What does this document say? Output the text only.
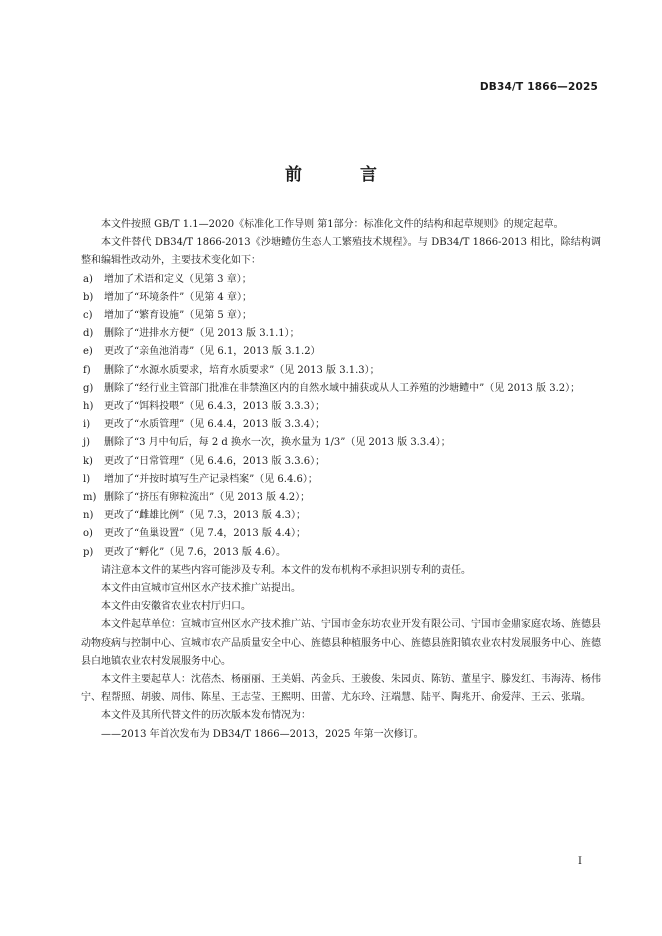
DB34/T 1866—2025
前 言

本文件按照 GB/T 1.1—2020《标准化工作导则 第1部分：标准化文件的结构和起草规则》的规定起草。

本文件替代 DB34/T 1866-2013《沙塘鳢仿生态人工繁殖技术规程》。与 DB34/T 1866-2013 相比，除结构调整和编辑性改动外，主要技术变化如下：

a)	增加了术语和定义（见第 3 章）；
b)	增加了“环境条件”（见第 4 章）；
c)	增加了“繁育设施”（见第 5 章）；
d)	删除了“进排水方便”（见 2013 版 3.1.1）；
e)	更改了“亲鱼池消毒”（见 6.1，2013 版 3.1.2）
f)	删除了“水源水质要求，培育水质要求”（见 2013 版 3.1.3）；
g)	删除了“经行业主管部门批准在非禁渔区内的自然水域中捕获或从人工养殖的沙塘鳢中”（见 2013 版 3.2）；
h)	更改了“饵料投喂”（见 6.4.3，2013 版 3.3.3）；
i)	更改了“水质管理”（见 6.4.4，2013 版 3.3.4）；
j)	删除了“3 月中旬后，每 2 d 换水一次，换水量为 1/3”（见 2013 版 3.3.4）；
k)	更改了“日常管理”（见 6.4.6，2013 版 3.3.6）；
l)	增加了“并按时填写生产记录档案”（见 6.4.6）；
m) 删除了“挤压有卵粒流出”（见 2013 版 4.2）；
n)	更改了“雌雄比例”（见 7.3，2013 版 4.3）；
o)	更改了“鱼巢设置”（见 7.4，2013 版 4.4）；
p)	更改了“孵化”（见 7.6，2013 版 4.6）。

请注意本文件的某些内容可能涉及专利。本文件的发布机构不承担识别专利的责任。

本文件由宣城市宣州区水产技术推广站提出。

本文件由安徽省农业农村厅归口。

本文件起草单位：宣城市宣州区水产技术推广站、宁国市金东坊农业开发有限公司、宁国市金鼎家庭农场、旌德县动物疫病与控制中心、宣城市农产品质量安全中心、旌德县种植服务中心、旌德县旌阳镇农业农村发展服务中心、旌德县白地镇农业农村发展服务中心。

本文件主要起草人：沈蓓杰、杨丽丽、王美娟、芮金兵、王骏俊、朱园贞、陈钫、董星宇、滕发红、韦海涛、杨伟宁、程帮照、胡骏、周伟、陈星、王志莹、王熙明、田蕾、尤东玲、汪端慧、陆平、陶兆开、俞爱萍、王云、张瑞。

本文件及其所代替文件的历次版本发布情况为：

——2013 年首次发布为 DB34/T 1866—2013，2025 年第一次修订。

I
